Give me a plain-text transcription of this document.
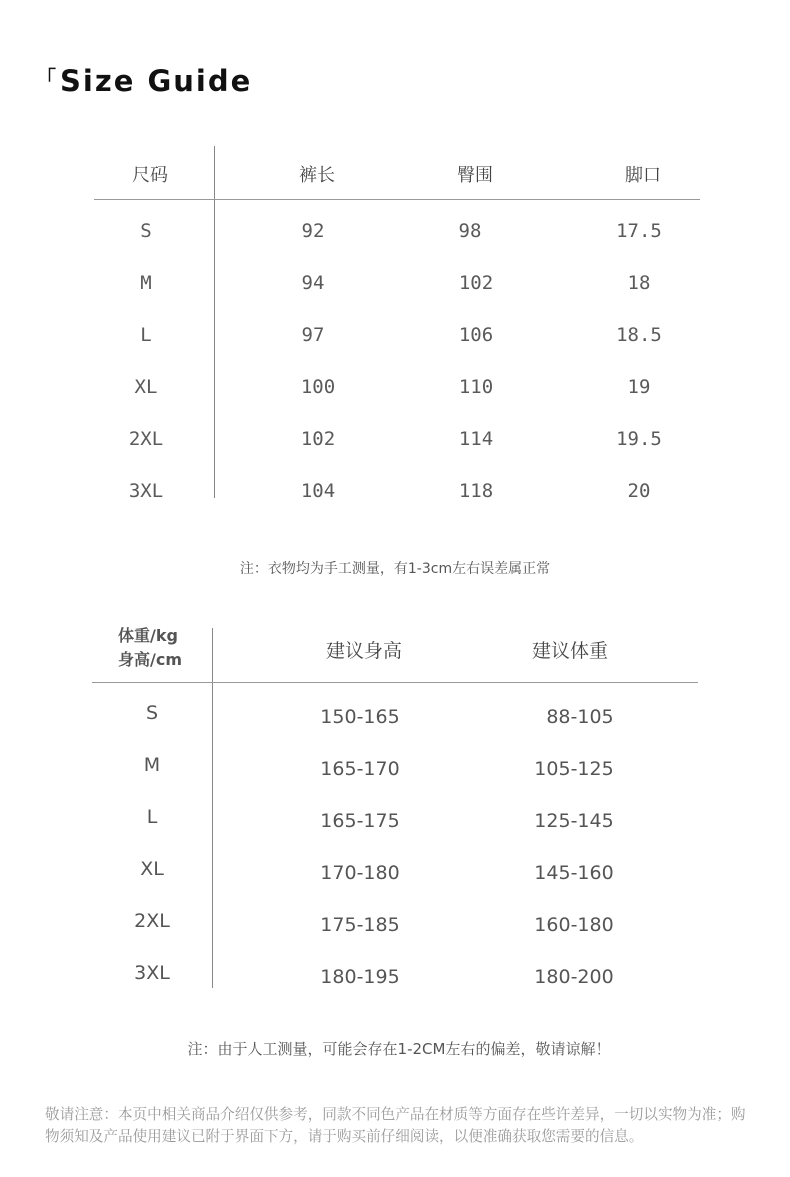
「Size Guide
尺码	裤长	臀围	脚口
S	92	98	17.5
M	94	102	18
L	97	106	18.5
XL	100	110	19
2XL	102	114	19.5
3XL	104	118	20
注：衣物均为手工测量，有1-3cm左右误差属正常
体重/kg
身高/cm	建议身高	建议体重
S	150-165	88-105
M	165-170	105-125
L	165-175	125-145
XL	170-180	145-160
2XL	175-185	160-180
3XL	180-195	180-200
注：由于人工测量，可能会存在1-2CM左右的偏差，敬请谅解！
敬请注意：本页中相关商品介绍仅供参考，同款不同色产品在材质等方面存在些许差异，一切以实物为准；购物须知及产品使用建议已附于界面下方，请于购买前仔细阅读，以便准确获取您需要的信息。
